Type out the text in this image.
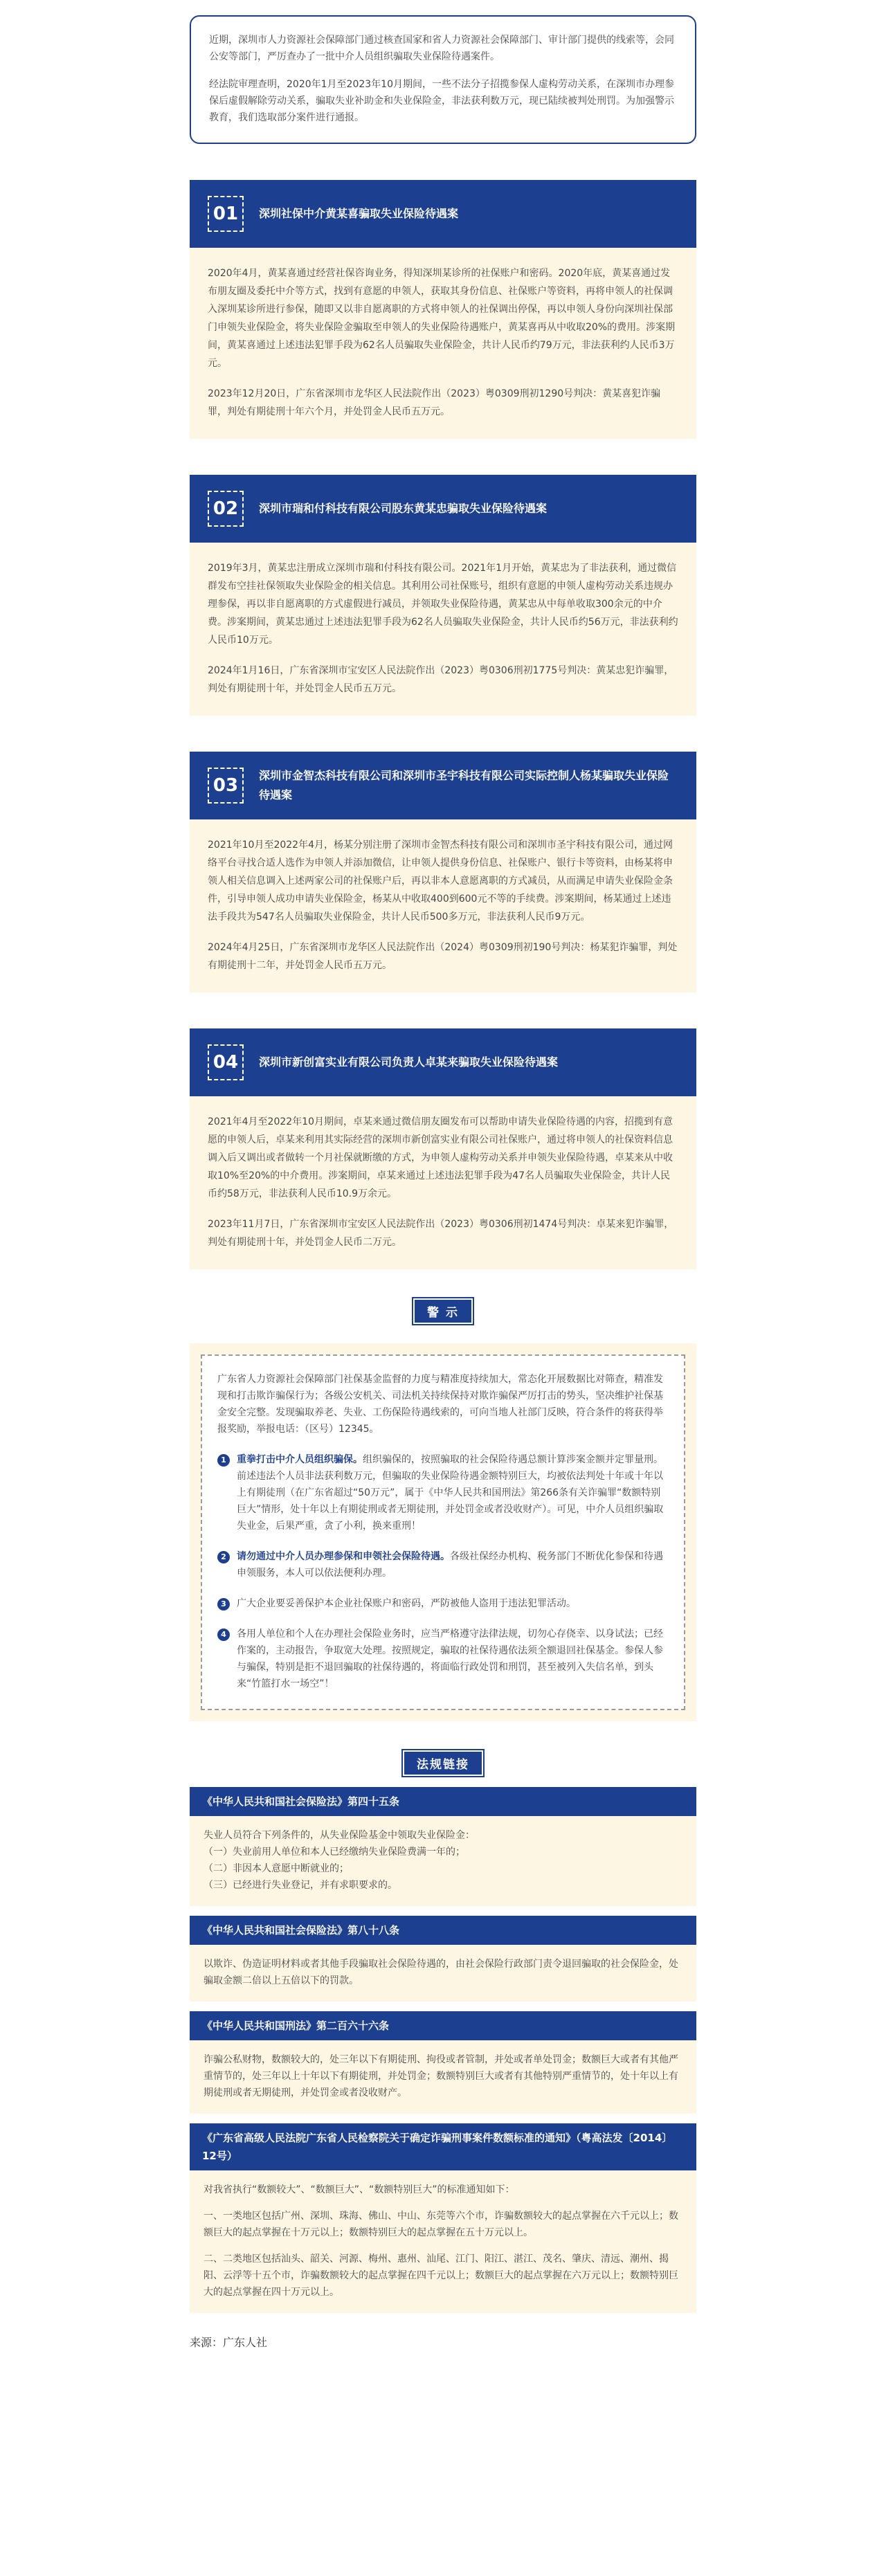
近期，深圳市人力资源社会保障部门通过核查国家和省人力资源社会保障部门、审计部门提供的线索等，会同公安等部门，严厉查办了一批中介人员组织骗取失业保险待遇案件。

经法院审理查明，2020年1月至2023年10月期间，一些不法分子招揽参保人虚构劳动关系，在深圳市办理参保后虚假解除劳动关系，骗取失业补助金和失业保险金，非法获利数万元，现已陆续被判处刑罚。为加强警示教育，我们选取部分案件进行通报。

01	深圳社保中介黄某喜骗取失业保险待遇案

2020年4月，黄某喜通过经营社保咨询业务，得知深圳某诊所的社保账户和密码。2020年底，黄某喜通过发布朋友圈及委托中介等方式，找到有意愿的申领人，获取其身份信息、社保账户等资料，再将申领人的社保调入深圳某诊所进行参保，随即又以非自愿离职的方式将申领人的社保调出停保，再以申领人身份向深圳社保部门申领失业保险金，将失业保险金骗取至申领人的失业保险待遇账户，黄某喜再从中收取20%的费用。涉案期间，黄某喜通过上述违法犯罪手段为62名人员骗取失业保险金，共计人民币约79万元，非法获利约人民币3万元。

2023年12月20日，广东省深圳市龙华区人民法院作出（2023）粤0309刑初1290号判决：黄某喜犯诈骗罪，判处有期徒刑十年六个月，并处罚金人民币五万元。

02	深圳市瑞和付科技有限公司股东黄某忠骗取失业保险待遇案

2019年3月，黄某忠注册成立深圳市瑞和付科技有限公司。2021年1月开始，黄某忠为了非法获利，通过微信群发布空挂社保领取失业保险金的相关信息。其利用公司社保账号，组织有意愿的申领人虚构劳动关系违规办理参保，再以非自愿离职的方式虚假进行减员，并领取失业保险待遇，黄某忠从中每单收取300余元的中介费。涉案期间，黄某忠通过上述违法犯罪手段为62名人员骗取失业保险金，共计人民币约56万元，非法获利约人民币10万元。

2024年1月16日，广东省深圳市宝安区人民法院作出（2023）粤0306刑初1775号判决：黄某忠犯诈骗罪，判处有期徒刑十年，并处罚金人民币五万元。

03	深圳市金智杰科技有限公司和深圳市圣宇科技有限公司实际控制人杨某骗取失业保险待遇案

2021年10月至2022年4月，杨某分别注册了深圳市金智杰科技有限公司和深圳市圣宇科技有限公司，通过网络平台寻找合适人选作为申领人并添加微信，让申领人提供身份信息、社保账户、银行卡等资料，由杨某将申领人相关信息调入上述两家公司的社保账户后，再以非本人意愿离职的方式减员，从而满足申请失业保险金条件，引导申领人成功申请失业保险金，杨某从中收取400到600元不等的手续费。涉案期间，杨某通过上述违法手段共为547名人员骗取失业保险金，共计人民币500多万元，非法获利人民币9万元。

2024年4月25日，广东省深圳市龙华区人民法院作出（2024）粤0309刑初190号判决：杨某犯诈骗罪，判处有期徒刑十二年，并处罚金人民币五万元。

04	深圳市新创富实业有限公司负责人卓某来骗取失业保险待遇案

2021年4月至2022年10月期间，卓某来通过微信朋友圈发布可以帮助申请失业保险待遇的内容，招揽到有意愿的申领人后，卓某来利用其实际经营的深圳市新创富实业有限公司社保账户，通过将申领人的社保资料信息调入后又调出或者做转一个月社保就断缴的方式，为申领人虚构劳动关系并申领失业保险待遇，卓某来从中收取10%至20%的中介费用。涉案期间，卓某来通过上述违法犯罪手段为47名人员骗取失业保险金，共计人民币约58万元，非法获利人民币10.9万余元。

2023年11月7日，广东省深圳市宝安区人民法院作出（2023）粤0306刑初1474号判决：卓某来犯诈骗罪，判处有期徒刑十年，并处罚金人民币二万元。

警 示

广东省人力资源社会保障部门社保基金监督的力度与精准度持续加大，常态化开展数据比对筛查，精准发现和打击欺诈骗保行为；各级公安机关、司法机关持续保持对欺诈骗保严厉打击的势头，坚决维护社保基金安全完整。发现骗取养老、失业、工伤保险待遇线索的，可向当地人社部门反映，符合条件的将获得举报奖励，举报电话：（区号）12345。

1	重拳打击中介人员组织骗保。组织骗保的，按照骗取的社会保险待遇总额计算涉案金额并定罪量刑。前述违法个人员非法获利数万元，但骗取的失业保险待遇金额特别巨大，均被依法判处十年或十年以上有期徒刑（在广东省超过“50万元”，属于《中华人民共和国刑法》第266条有关诈骗罪“数额特别巨大”情形，处十年以上有期徒刑或者无期徒刑，并处罚金或者没收财产）。可见，中介人员组织骗取失业金，后果严重，贪了小利，换来重刑！
2	请勿通过中介人员办理参保和申领社会保险待遇。各级社保经办机构、税务部门不断优化参保和待遇申领服务，本人可以依法便利办理。
3	广大企业要妥善保护本企业社保账户和密码，严防被他人盗用于违法犯罪活动。
4	各用人单位和个人在办理社会保险业务时，应当严格遵守法律法规，切勿心存侥幸、以身试法；已经作案的，主动报告，争取宽大处理。按照规定，骗取的社保待遇依法须全额退回社保基金。参保人参与骗保，特别是拒不退回骗取的社保待遇的，将面临行政处罚和刑罚，甚至被列入失信名单，到头来“竹篮打水一场空”！
法规链接
《中华人民共和国社会保险法》第四十五条

失业人员符合下列条件的，从失业保险基金中领取失业保险金：
（一）失业前用人单位和本人已经缴纳失业保险费满一年的；
（二）非因本人意愿中断就业的；
（三）已经进行失业登记，并有求职要求的。

《中华人民共和国社会保险法》第八十八条

以欺诈、伪造证明材料或者其他手段骗取社会保险待遇的，由社会保险行政部门责令退回骗取的社会保险金，处骗取金额二倍以上五倍以下的罚款。

《中华人民共和国刑法》第二百六十六条

诈骗公私财物，数额较大的，处三年以下有期徒刑、拘役或者管制，并处或者单处罚金；数额巨大或者有其他严重情节的，处三年以上十年以下有期徒刑，并处罚金；数额特别巨大或者有其他特别严重情节的，处十年以上有期徒刑或者无期徒刑，并处罚金或者没收财产。

《广东省高级人民法院广东省人民检察院关于确定诈骗刑事案件数额标准的通知》（粤高法发〔2014〕12号）

对我省执行“数额较大”、“数额巨大”、“数额特别巨大”的标准通知如下：

一、一类地区包括广州、深圳、珠海、佛山、中山、东莞等六个市，诈骗数额较大的起点掌握在六千元以上；数额巨大的起点掌握在十万元以上；数额特别巨大的起点掌握在五十万元以上。

二、二类地区包括汕头、韶关、河源、梅州、惠州、汕尾、江门、阳江、湛江、茂名、肇庆、清远、潮州、揭阳、云浮等十五个市，诈骗数额较大的起点掌握在四千元以上；数额巨大的起点掌握在六万元以上；数额特别巨大的起点掌握在四十万元以上。

来源：广东人社
